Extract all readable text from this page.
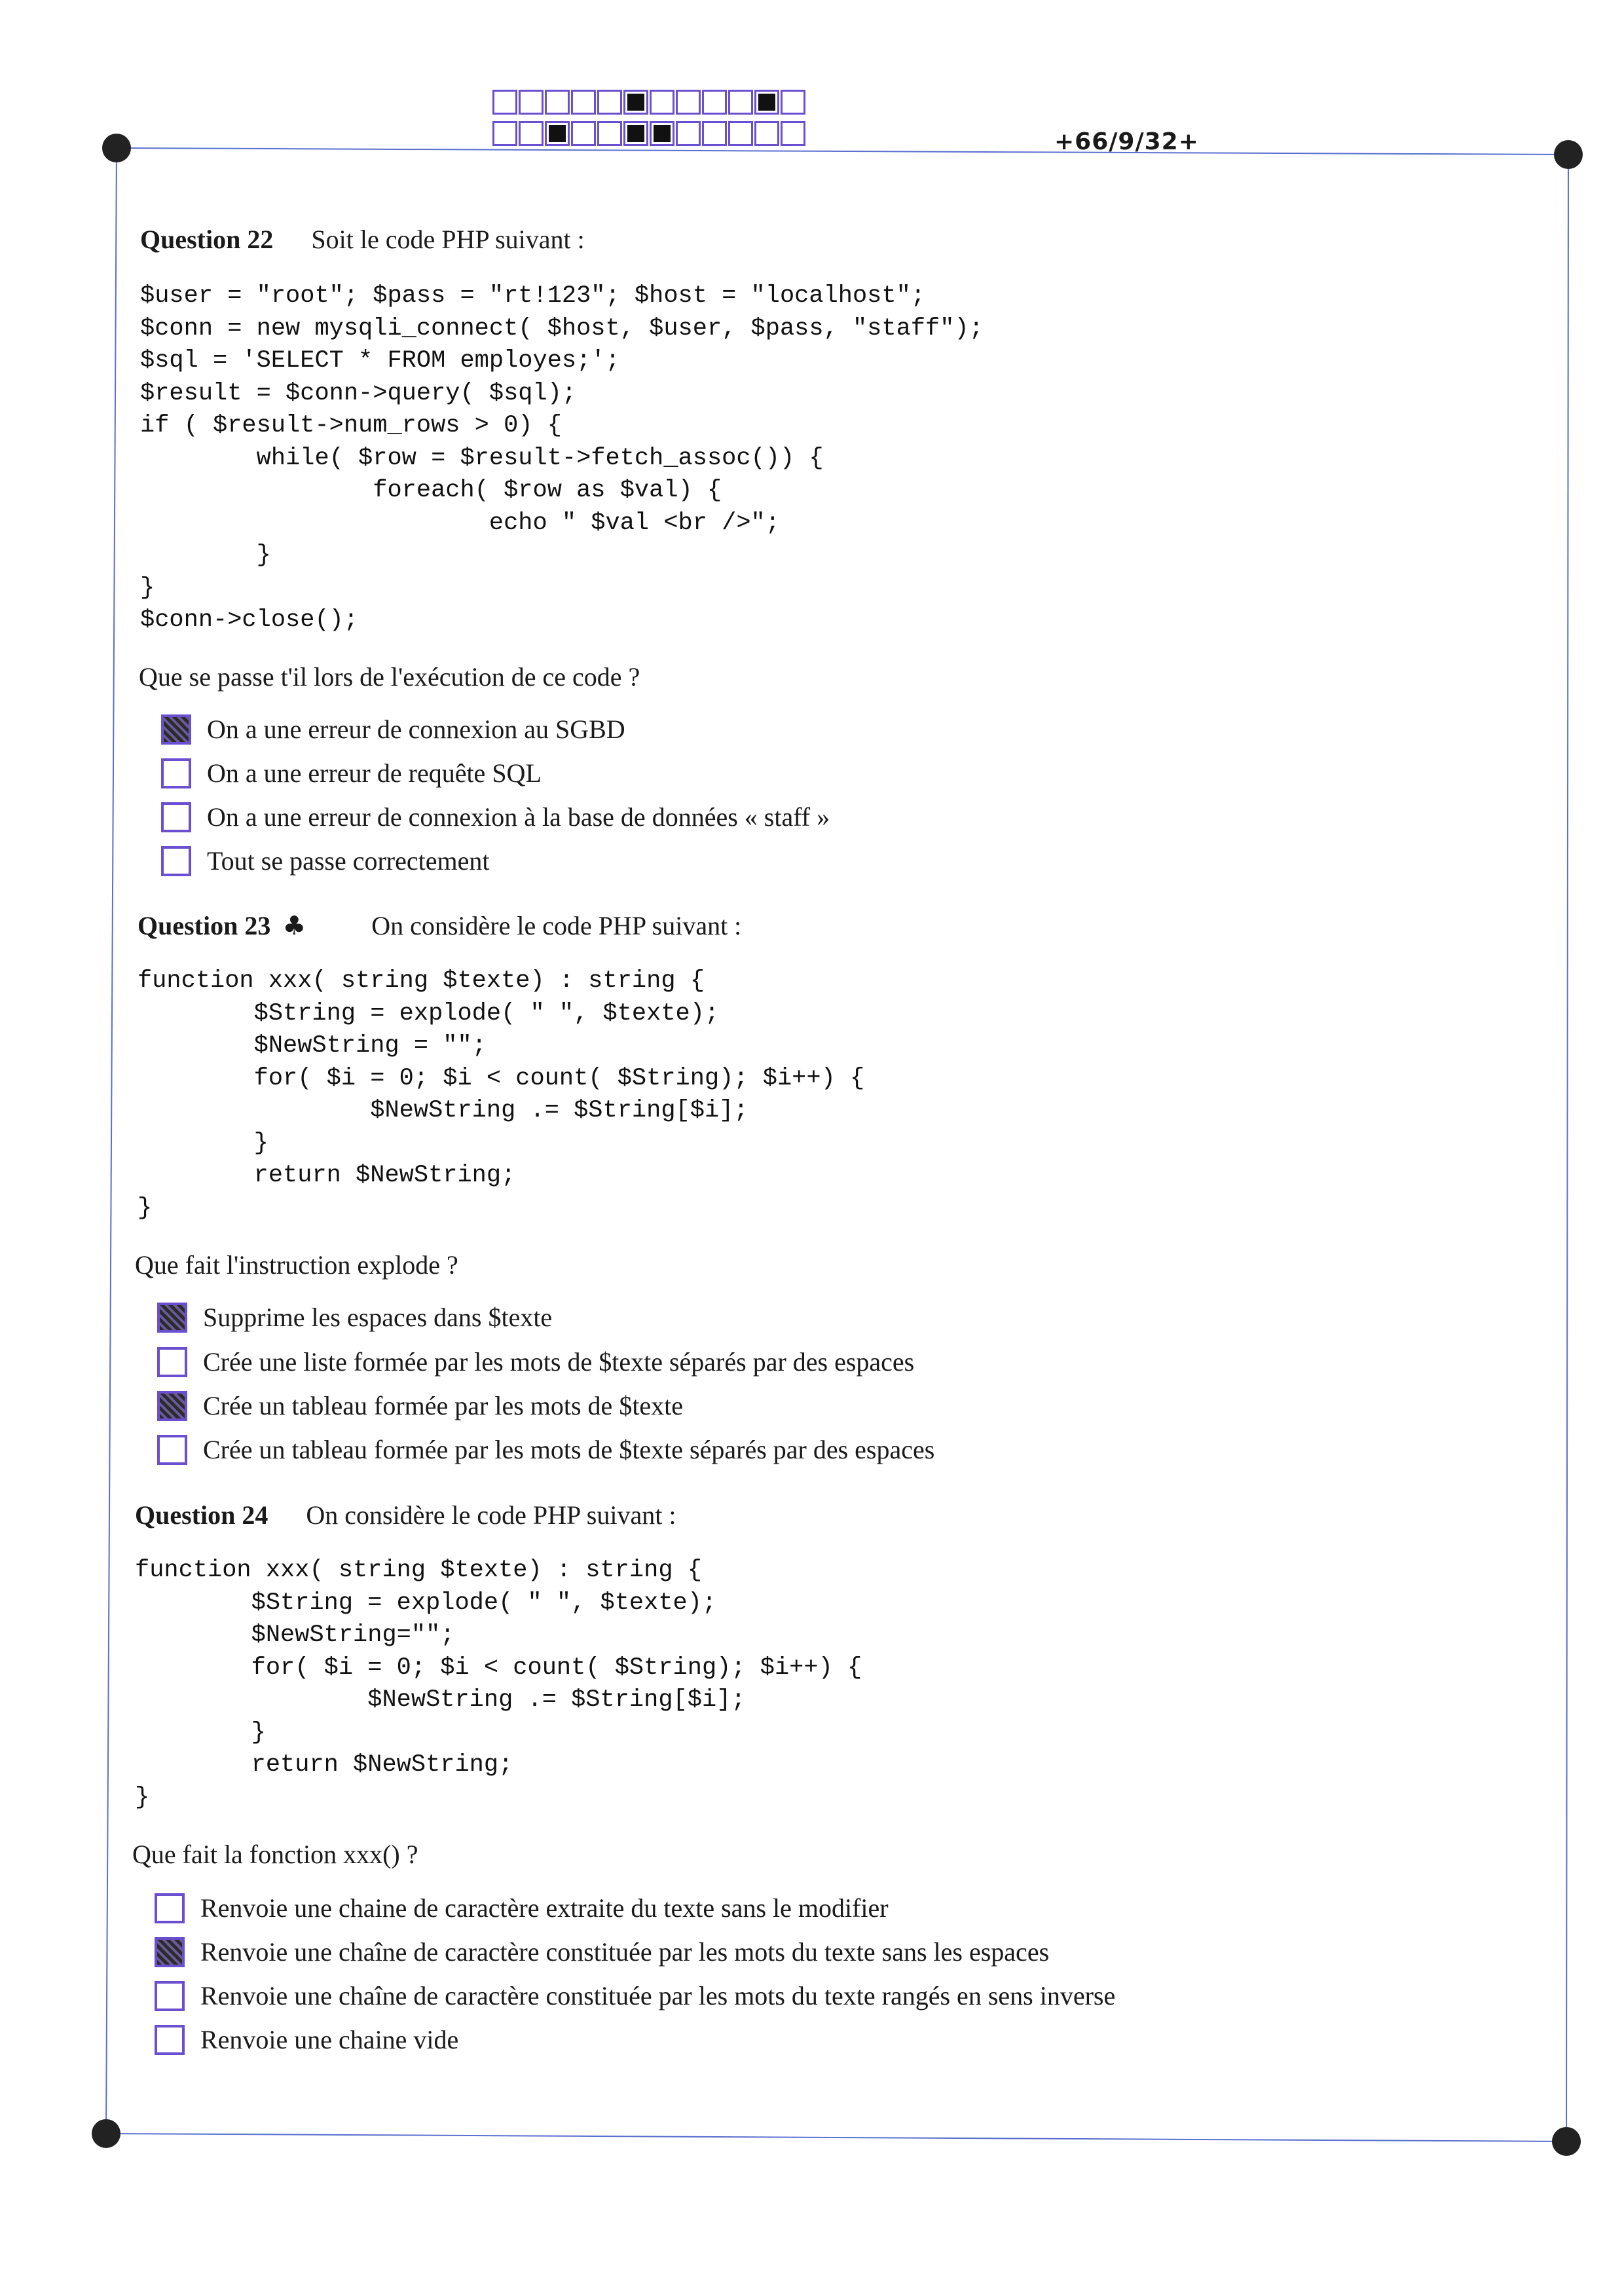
+66/9/32+
Question 22 Soit le code PHP suivant :
$user = "root"; $pass = "rt!123"; $host = "localhost";
$conn = new mysqli_connect( $host, $user, $pass, "staff");
$sql = 'SELECT * FROM employes;';
$result = $conn->query( $sql);
if ( $result->num_rows > 0) {
while( $row = $result->fetch_assoc()) {
foreach( $row as $val) {
echo " $val <br />";
}
}
$conn->close();
Que se passe t'il lors de l'exécution de ce code ?
On a une erreur de connexion au SGBD
On a une erreur de requête SQL
On a une erreur de connexion à la base de données « staff »
Tout se passe correctement
Question 23 ♣	On considère le code PHP suivant :
function xxx( string $texte) : string {
$String = explode( " ", $texte);
$NewString = "";
for( $i = 0; $i < count( $String); $i++) {
$NewString .= $String[$i];
}
return $NewString;
}
Que fait l'instruction explode ?
Supprime les espaces dans $texte
Crée une liste formée par les mots de $texte séparés par des espaces
Crée un tableau formée par les mots de $texte
Crée un tableau formée par les mots de $texte séparés par des espaces
Question 24 On considère le code PHP suivant :
function xxx( string $texte) : string {
$String = explode( " ", $texte);
$NewString="";
for( $i = 0; $i < count( $String); $i++) {
$NewString .= $String[$i];
}
return $NewString;
}
Que fait la fonction xxx() ?
Renvoie une chaine de caractère extraite du texte sans le modifier
Renvoie une chaîne de caractère constituée par les mots du texte sans les espaces
Renvoie une chaîne de caractère constituée par les mots du texte rangés en sens inverse
Renvoie une chaine vide
